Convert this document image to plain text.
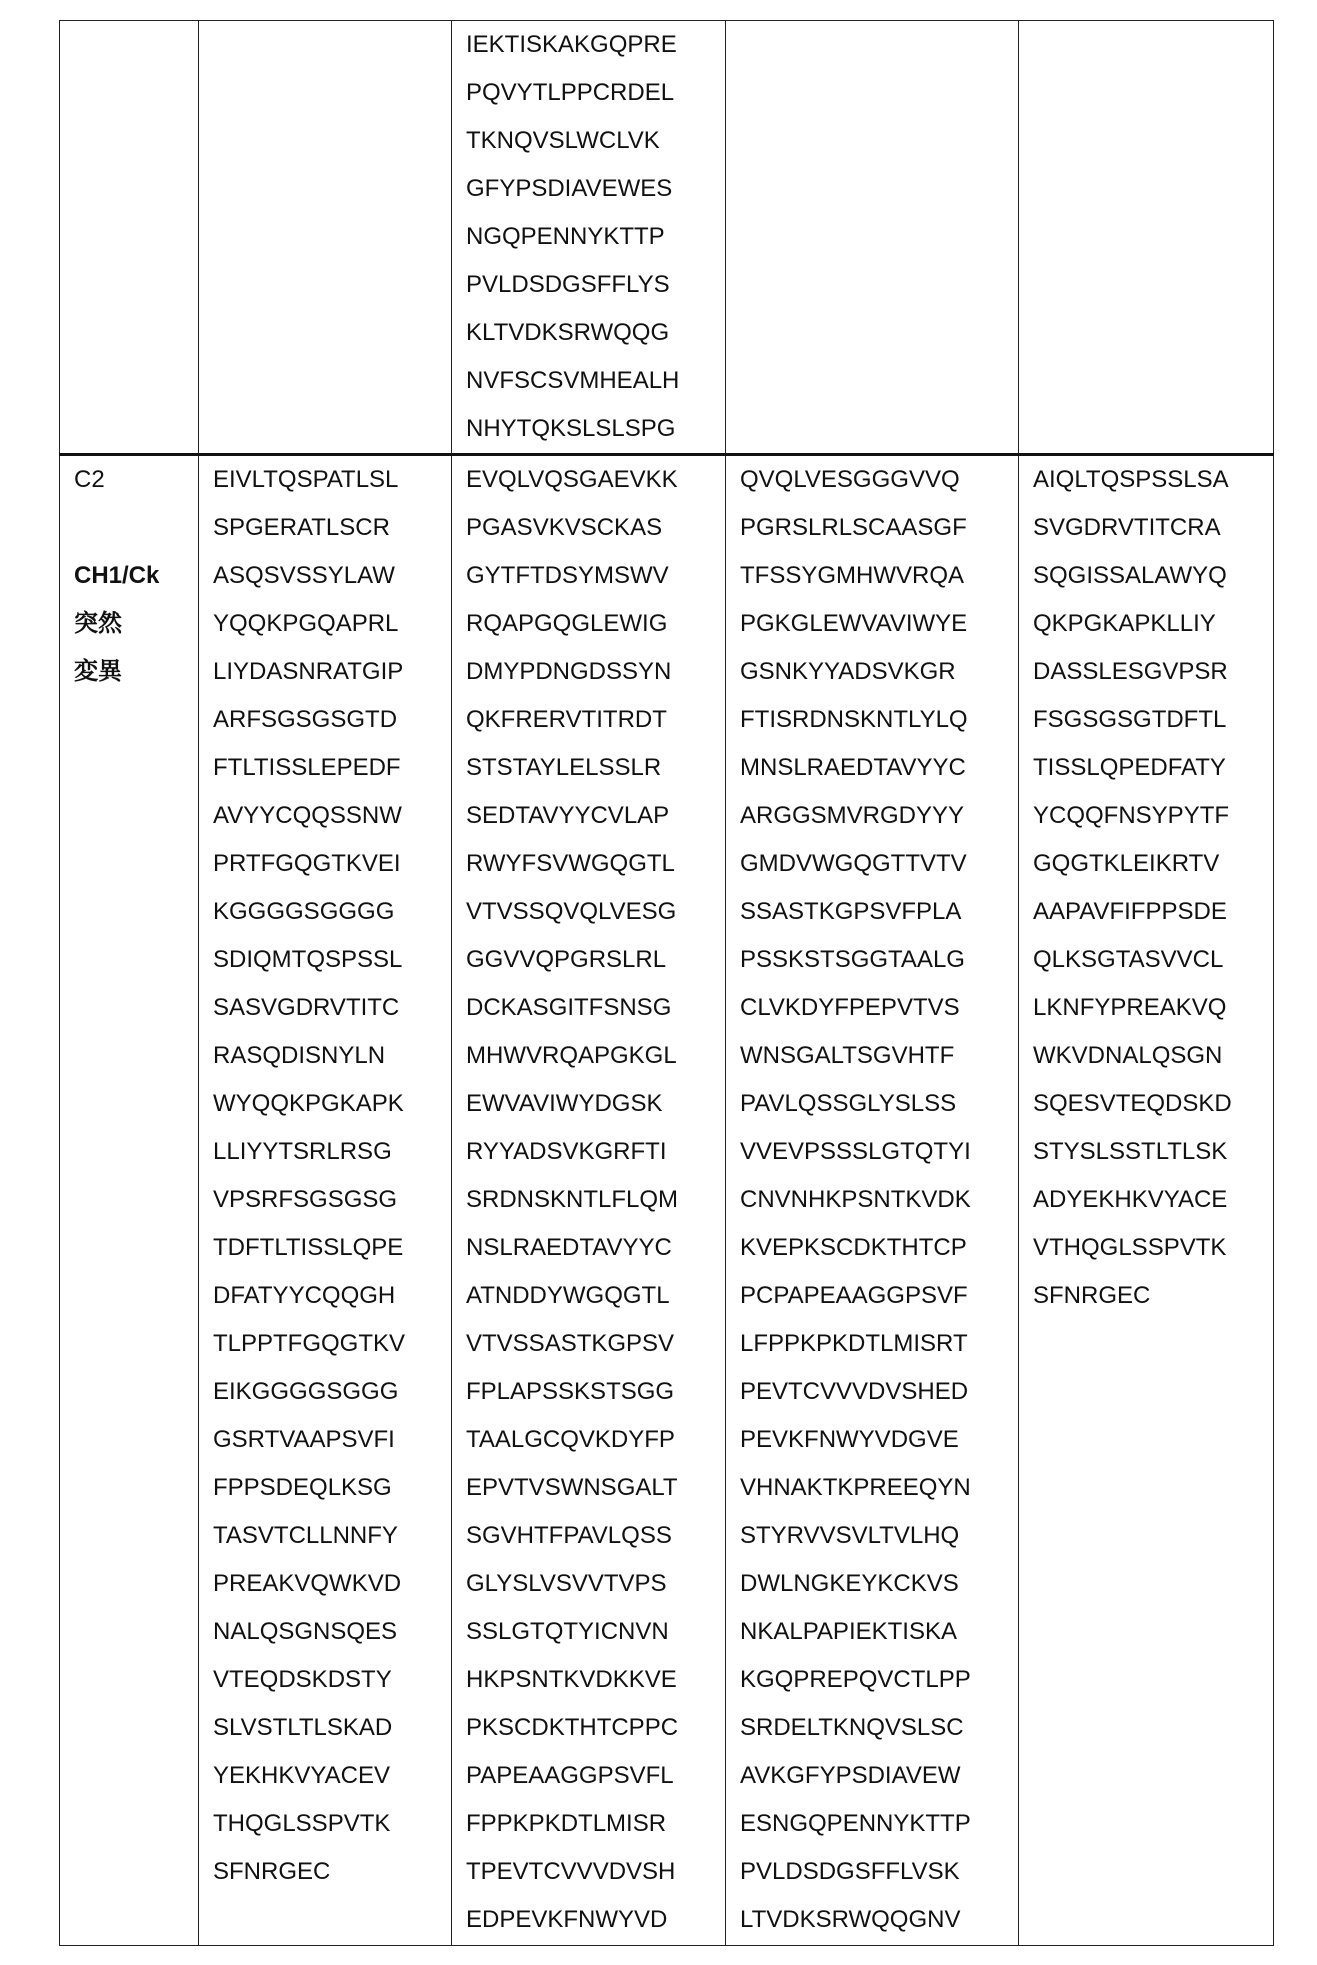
IEKTISKAKGQPRE
PQVYTLPPCRDEL
TKNQVSLWCLVK
GFYPSDIAVEWES
NGQPENNYKTTP
PVLDSDGSFFLYS
KLTVDKSRWQQG
NVFSCSVMHEALH
NHYTQKSLSLSPG

C2

CH1/Ck
突然
変異

EIVLTQSPATLSL
SPGERATLSCR
ASQSVSSYLAW
YQQKPGQAPRL
LIYDASNRATGIP
ARFSGSGSGTD
FTLTISSLEPEDF
AVYYCQQSSNW
PRTFGQGTKVEI
KGGGGSGGGG
SDIQMTQSPSSL
SASVGDRVTITC
RASQDISNYLN
WYQQKPGKAPK
LLIYYTSRLRSG
VPSRFSGSGSG
TDFTLTISSLQPE
DFATYYCQQGH
TLPPTFGQGTKV
EIKGGGGSGGG
GSRTVAAPSVFI
FPPSDEQLKSG
TASVTCLLNNFY
PREAKVQWKVD
NALQSGNSQES
VTEQDSKDSTY
SLVSTLTLSKAD
YEKHKVYACEV
THQGLSSPVTK
SFNRGEC

EVQLVQSGAEVKK
PGASVKVSCKAS
GYTFTDSYMSWV
RQAPGQGLEWIG
DMYPDNGDSSYN
QKFRERVTITRDT
STSTAYLELSSLR
SEDTAVYYCVLAP
RWYFSVWGQGTL
VTVSSQVQLVESG
GGVVQPGRSLRL
DCKASGITFSNSG
MHWVRQAPGKGL
EWVAVIWYDGSK
RYYADSVKGRFTI
SRDNSKNTLFLQM
NSLRAEDTAVYYC
ATNDDYWGQGTL
VTVSSASTKGPSV
FPLAPSSKSTSGG
TAALGCQVKDYFP
EPVTVSWNSGALT
SGVHTFPAVLQSS
GLYSLVSVVTVPS
SSLGTQTYICNVN
HKPSNTKVDKKVE
PKSCDKTHTCPPC
PAPEAAGGPSVFL
FPPKPKDTLMISR
TPEVTCVVVDVSH
EDPEVKFNWYVD

QVQLVESGGGVVQ
PGRSLRLSCAASGF
TFSSYGMHWVRQA
PGKGLEWVAVIWYE
GSNKYYADSVKGR
FTISRDNSKNTLYLQ
MNSLRAEDTAVYYC
ARGGSMVRGDYYY
GMDVWGQGTTVTV
SSASTKGPSVFPLA
PSSKSTSGGTAALG
CLVKDYFPEPVTVS
WNSGALTSGVHTF
PAVLQSSGLYSLSS
VVEVPSSSLGTQTYI
CNVNHKPSNTKVDK
KVEPKSCDKTHTCP
PCPAPEAAGGPSVF
LFPPKPKDTLMISRT
PEVTCVVVDVSHED
PEVKFNWYVDGVE
VHNAKTKPREEQYN
STYRVVSVLTVLHQ
DWLNGKEYKCKVS
NKALPAPIEKTISKA
KGQPREPQVCTLPP
SRDELTKNQVSLSC
AVKGFYPSDIAVEW
ESNGQPENNYKTTP
PVLDSDGSFFLVSK
LTVDKSRWQQGNV

AIQLTQSPSSLSA
SVGDRVTITCRA
SQGISSALAWYQ
QKPGKAPKLLIY
DASSLESGVPSR
FSGSGSGTDFTL
TISSLQPEDFATY
YCQQFNSYPYTF
GQGTKLEIKRTV
AAPAVFIFPPSDE
QLKSGTASVVCL
LKNFYPREAKVQ
WKVDNALQSGN
SQESVTEQDSKD
STYSLSSTLTLSK
ADYEKHKVYACE
VTHQGLSSPVTK
SFNRGEC
